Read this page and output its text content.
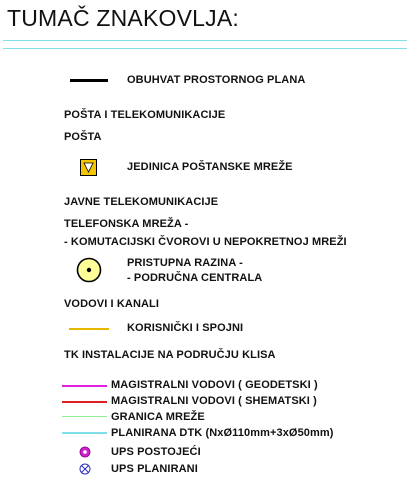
TUMAČ ZNAKOVLJA:
OBUHVAT PROSTORNOG PLANA
POŠTA I TELEKOMUNIKACIJE
POŠTA
JEDINICA POŠTANSKE MREŽE
JAVNE TELEKOMUNIKACIJE
TELEFONSKA MREŽA -
- KOMUTACIJSKI ČVOROVI U NEPOKRETNOJ MREŽI
PRISTUPNA RAZINA -
- PODRUČNA CENTRALA
VODOVI I KANALI
KORISNIČKI I SPOJNI
TK INSTALACIJE NA PODRUČJU KLISA
MAGISTRALNI VODOVI ( GEODETSKI )
MAGISTRALNI VODOVI ( SHEMATSKI )
GRANICA MREŽE
PLANIRANA DTK (NxØ110mm+3xØ50mm)
UPS POSTOJEĆI
UPS PLANIRANI
